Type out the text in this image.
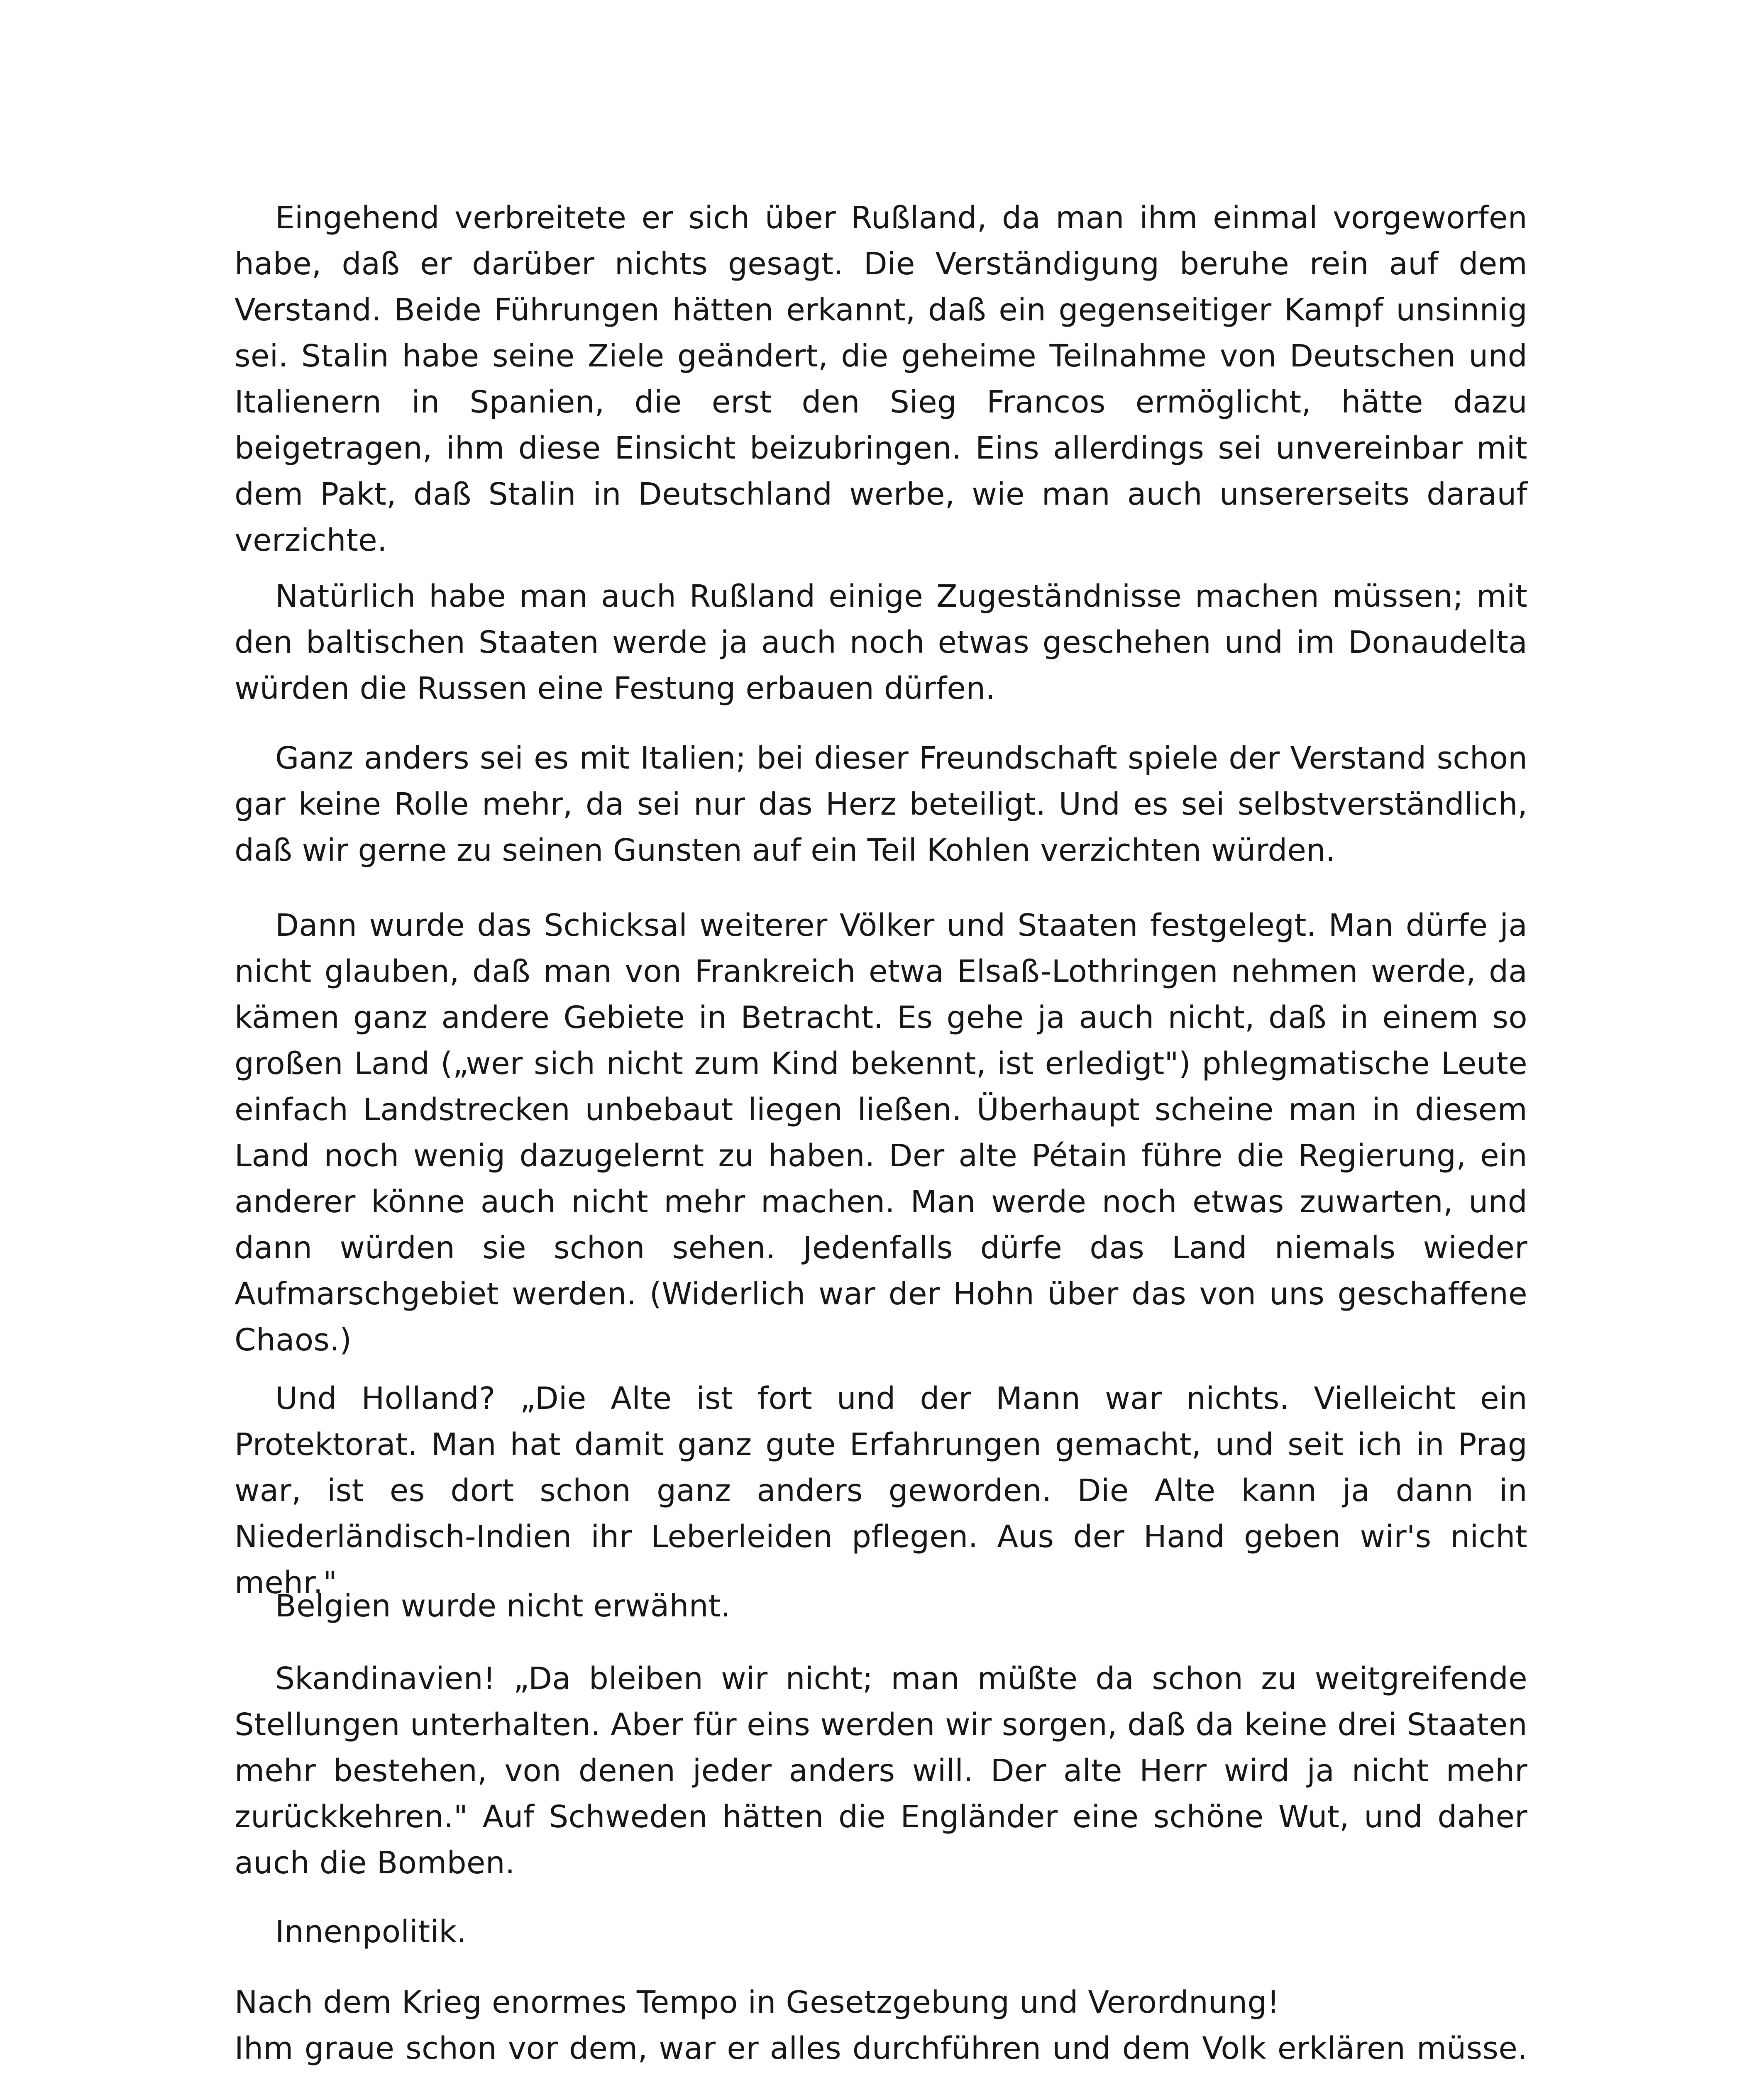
Eingehend verbreitete er sich über Rußland, da man ihm einmal vorgeworfen habe, daß er darüber nichts gesagt. Die Verständigung beruhe rein auf dem Verstand. Beide Führungen hätten erkannt, daß ein gegenseitiger Kampf unsinnig sei. Stalin habe seine Ziele geändert, die geheime Teilnahme von Deutschen und Italienern in Spanien, die erst den Sieg Francos ermöglicht, hätte dazu beigetragen, ihm diese Einsicht beizubringen. Eins allerdings sei unvereinbar mit dem Pakt, daß Stalin in Deutschland werbe, wie man auch unsererseits darauf verzichte.

Natürlich habe man auch Rußland einige Zugeständnisse machen müssen; mit den baltischen Staaten werde ja auch noch etwas geschehen und im Donaudelta würden die Russen eine Festung erbauen dürfen.

Ganz anders sei es mit Italien; bei dieser Freundschaft spiele der Verstand schon gar keine Rolle mehr, da sei nur das Herz beteiligt. Und es sei selbstverständlich, daß wir gerne zu seinen Gunsten auf ein Teil Kohlen verzichten würden.

Dann wurde das Schicksal weiterer Völker und Staaten festgelegt. Man dürfe ja nicht glauben, daß man von Frankreich etwa Elsaß-Lothringen nehmen werde, da kämen ganz andere Gebiete in Betracht. Es gehe ja auch nicht, daß in einem so großen Land („wer sich nicht zum Kind bekennt, ist erledigt") phlegmatische Leute einfach Landstrecken unbebaut liegen ließen. Überhaupt scheine man in diesem Land noch wenig dazugelernt zu haben. Der alte Pétain führe die Regierung, ein anderer könne auch nicht mehr machen. Man werde noch etwas zuwarten, und dann würden sie schon sehen. Jedenfalls dürfe das Land niemals wieder Aufmarschgebiet werden. (Widerlich war der Hohn über das von uns geschaffene Chaos.)

Und Holland? „Die Alte ist fort und der Mann war nichts. Vielleicht ein Protektorat. Man hat damit ganz gute Erfahrungen gemacht, und seit ich in Prag war, ist es dort schon ganz anders geworden. Die Alte kann ja dann in Niederländisch-Indien ihr Leberleiden pflegen. Aus der Hand geben wir's nicht mehr."

Belgien wurde nicht erwähnt.

Skandinavien! „Da bleiben wir nicht; man müßte da schon zu weitgreifende Stellungen unterhalten. Aber für eins werden wir sorgen, daß da keine drei Staaten mehr bestehen, von denen jeder anders will. Der alte Herr wird ja nicht mehr zurückkehren." Auf Schweden hätten die Engländer eine schöne Wut, und daher auch die Bomben.

Innenpolitik.

Nach dem Krieg enormes Tempo in Gesetzgebung und Verordnung!

Ihm graue schon vor dem, war er alles durchführen und dem Volk erklären müsse.
